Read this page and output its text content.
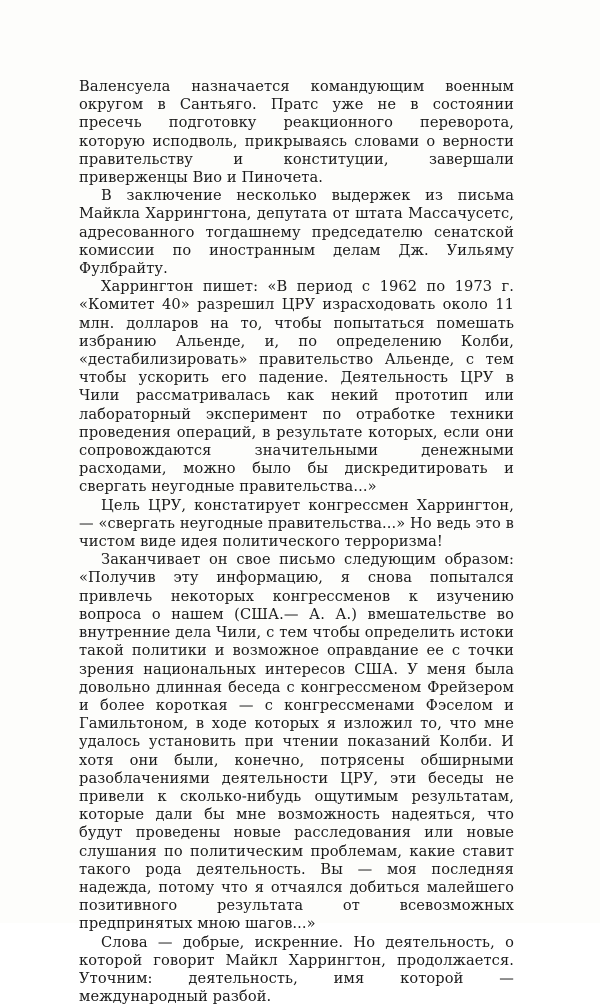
Валенсуела назначается командующим военным округом в Сантьяго. Пратс уже не в состоянии пресечь подготовку реакционного переворота, которую исподволь, прикрываясь словами о верности правительству и конституции, завершали приверженцы Вио и Пиночета.

В заключение несколько выдержек из письма Майкла Харрингтона, депутата от штата Массачусетс, адресованного тогдашнему председателю сенатской комиссии по иностранным делам Дж. Уильяму Фулбрайту.

Харрингтон пишет: «В период с 1962 по 1973 г. «Комитет 40» разрешил ЦРУ израсходовать около 11 млн. долларов на то, чтобы попытаться помешать избранию Альенде, и, по определению Колби, «дестабилизировать» правительство Альенде, с тем чтобы ускорить его падение. Деятельность ЦРУ в Чили рассматривалась как некий прототип или лабораторный эксперимент по отработке техники проведения операций, в результате которых, если они сопровождаются значительными денежными расходами, можно было бы дискредитировать и свергать неугодные правительства...»

Цель ЦРУ, констатирует конгрессмен Харрингтон,— «свергать неугодные правительства...» Но ведь это в чистом виде идея политического терроризма!

Заканчивает он свое письмо следующим образом: «Получив эту информацию, я снова попытался привлечь некоторых конгрессменов к изучению вопроса о нашем (США.— А. А.) вмешательстве во внутренние дела Чили, с тем чтобы определить истоки такой политики и возможное оправдание ее с точки зрения национальных интересов США. У меня была довольно длинная беседа с конгрессменом Фрейзером и более короткая — с конгрессменами Фэселом и Гамильтоном, в ходе которых я изложил то, что мне удалось установить при чтении показаний Колби. И хотя они были, конечно, потрясены обширными разоблачениями деятельности ЦРУ, эти беседы не привели к сколько-нибудь ощутимым результатам, которые дали бы мне возможность надеяться, что будут проведены новые расследования или новые слушания по политическим проблемам, какие ставит такого рода деятельность. Вы — моя последняя надежда, потому что я отчаялся добиться малейшего позитивного результата от всевозможных предпринятых мною шагов...»

Слова — добрые, искренние. Но деятельность, о которой говорит Майкл Харрингтон, продолжается. Уточним: деятельность, имя которой — международный разбой.
